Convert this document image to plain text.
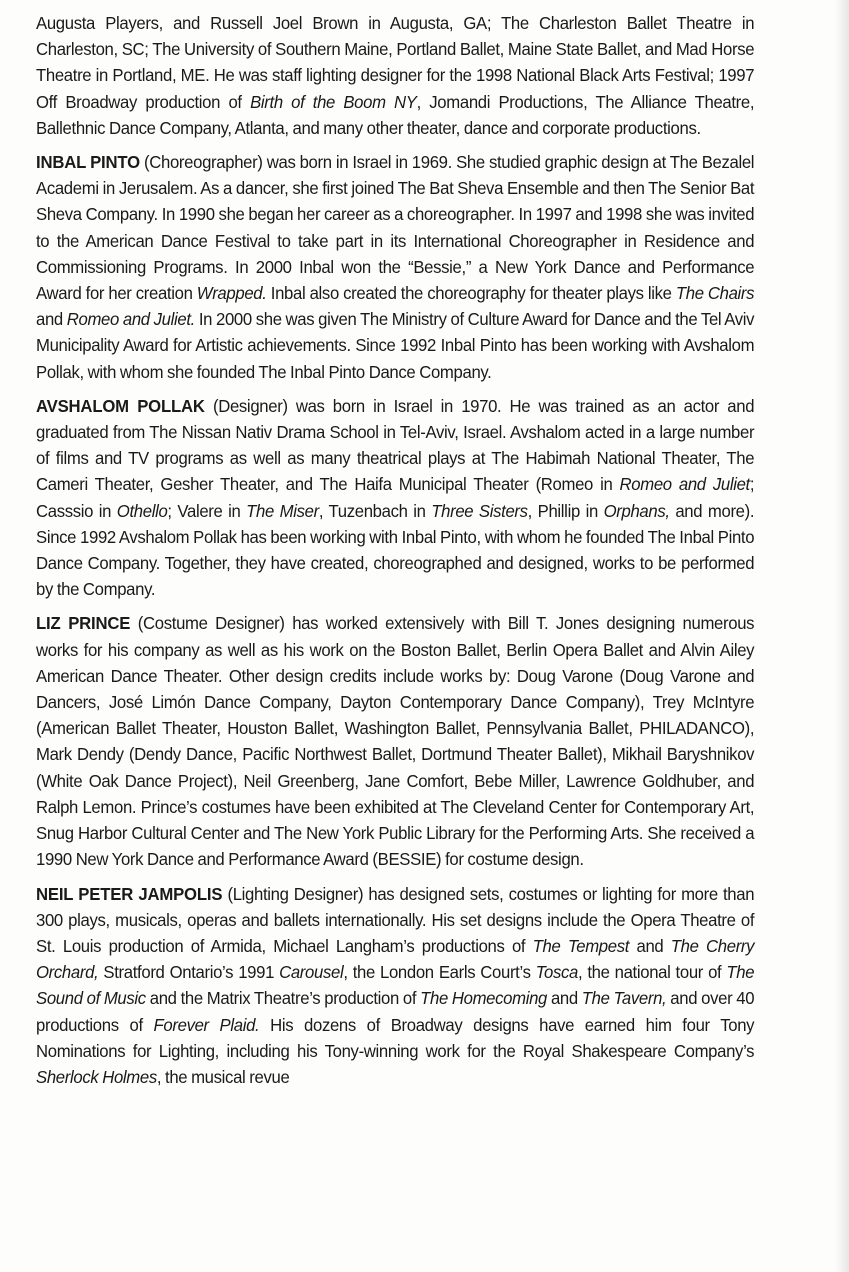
Augusta Players, and Russell Joel Brown in Augusta, GA; The Charleston Ballet Theatre in Charleston, SC; The University of Southern Maine, Portland Ballet, Maine State Ballet, and Mad Horse Theatre in Portland, ME. He was staff lighting designer for the 1998 National Black Arts Festival; 1997 Off Broadway production of Birth of the Boom NY, Jomandi Productions, The Alliance Theatre, Ballethnic Dance Company, Atlanta, and many other theater, dance and corporate productions.

INBAL PINTO (Choreographer) was born in Israel in 1969. She studied graphic design at The Bezalel Academi in Jerusalem. As a dancer, she first joined The Bat Sheva Ensemble and then The Senior Bat Sheva Company. In 1990 she began her career as a choreographer. In 1997 and 1998 she was invited to the American Dance Festival to take part in its International Choreographer in Residence and Commissioning Programs. In 2000 Inbal won the “Bessie,” a New York Dance and Performance Award for her creation Wrapped. Inbal also created the choreography for theater plays like The Chairs and Romeo and Juliet. In 2000 she was given The Ministry of Culture Award for Dance and the Tel Aviv Municipality Award for Artistic achievements. Since 1992 Inbal Pinto has been working with Avshalom Pollak, with whom she founded The Inbal Pinto Dance Company.

AVSHALOM POLLAK (Designer) was born in Israel in 1970. He was trained as an actor and graduated from The Nissan Nativ Drama School in Tel-Aviv, Israel. Avshalom acted in a large number of films and TV programs as well as many theatrical plays at The Habimah National Theater, The Cameri Theater, Gesher Theater, and The Haifa Municipal Theater (Romeo in Romeo and Juliet; Casssio in Othello; Valere in The Miser, Tuzenbach in Three Sisters, Phillip in Orphans, and more). Since 1992 Avshalom Pollak has been working with Inbal Pinto, with whom he founded The Inbal Pinto Dance Company. Together, they have created, choreographed and designed, works to be performed by the Company.

LIZ PRINCE (Costume Designer) has worked extensively with Bill T. Jones designing numerous works for his company as well as his work on the Boston Ballet, Berlin Opera Ballet and Alvin Ailey American Dance Theater. Other design credits include works by: Doug Varone (Doug Varone and Dancers, José Limón Dance Company, Dayton Contemporary Dance Company), Trey McIntyre (American Ballet Theater, Houston Ballet, Washington Ballet, Pennsylvania Ballet, PHILADANCO), Mark Dendy (Dendy Dance, Pacific Northwest Ballet, Dortmund Theater Ballet), Mikhail Baryshnikov (White Oak Dance Project), Neil Greenberg, Jane Comfort, Bebe Miller, Lawrence Goldhuber, and Ralph Lemon. Prince’s costumes have been exhibited at The Cleveland Center for Contemporary Art, Snug Harbor Cultural Center and The New York Public Library for the Performing Arts. She received a 1990 New York Dance and Performance Award (BESSIE) for costume design.

NEIL PETER JAMPOLIS (Lighting Designer) has designed sets, costumes or lighting for more than 300 plays, musicals, operas and ballets internationally. His set designs include the Opera Theatre of St. Louis production of Armida, Michael Langham’s productions of The Tempest and The Cherry Orchard, Stratford Ontario’s 1991 Carousel, the London Earls Court’s Tosca, the national tour of The Sound of Music and the Matrix Theatre’s production of The Homecoming and The Tavern, and over 40 productions of Forever Plaid. His dozens of Broadway designs have earned him four Tony Nominations for Lighting, including his Tony-winning work for the Royal Shakespeare Company’s Sherlock Holmes, the musical revue
